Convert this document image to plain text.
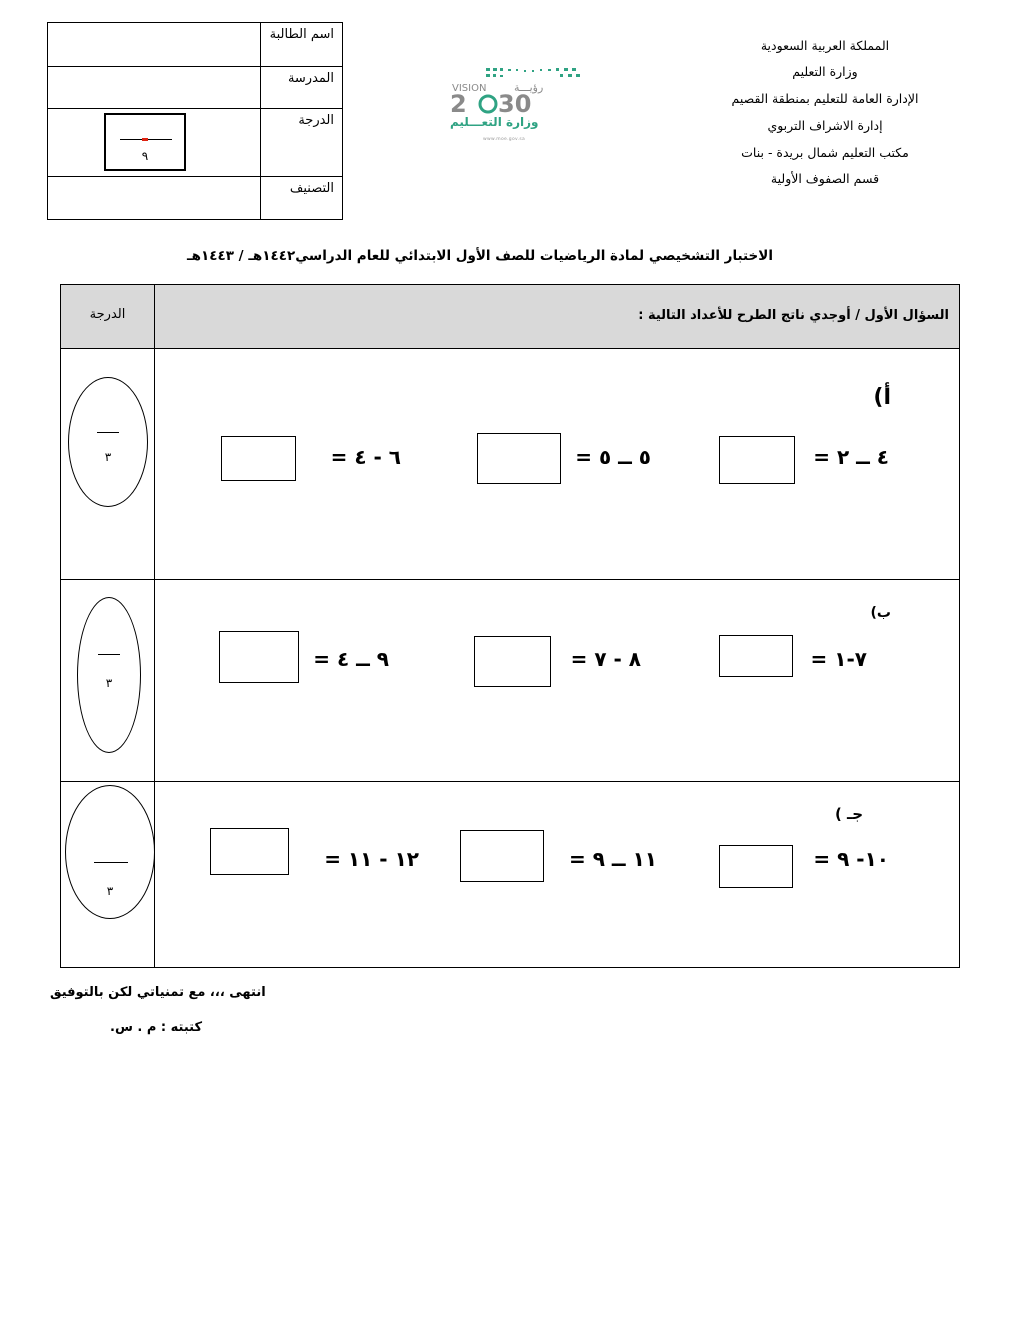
المملكة العربية السعودية
وزارة التعليم
الإدارة العامة للتعليم بمنطقة القصيم
إدارة الاشراف التربوي
مكتب التعليم شمال بريدة - بنات
قسم الصفوف الأولية
VISION	رؤيـــة
2 30
وزارة التعـــليم
www.moe.gov.sa
اسم الطالبة
المدرسة
الدرجة
٩
التصنيف
الاختبار التشخيصي لمادة الرياضيات للصف الأول الابتدائي للعام الدراسي١٤٤٢هـ / ١٤٤٣هـ
الدرجة	السؤال الأول / أوجدي ناتج الطرح للأعداد التالية :
٣
أ)
٤ ــ ٢ =
٥ ــ ٥ =
٦ - ٤ =
٣
ب)
٧-١ =
٨ - ٧ =
٩ ــ ٤ =
٣
جـ )
١٠- ٩ =
١١ ــ ٩ =
١٢ - ١١ =
انتهى ،،، مع تمنياتي لكن بالتوفيق
كتبته : م . س.
